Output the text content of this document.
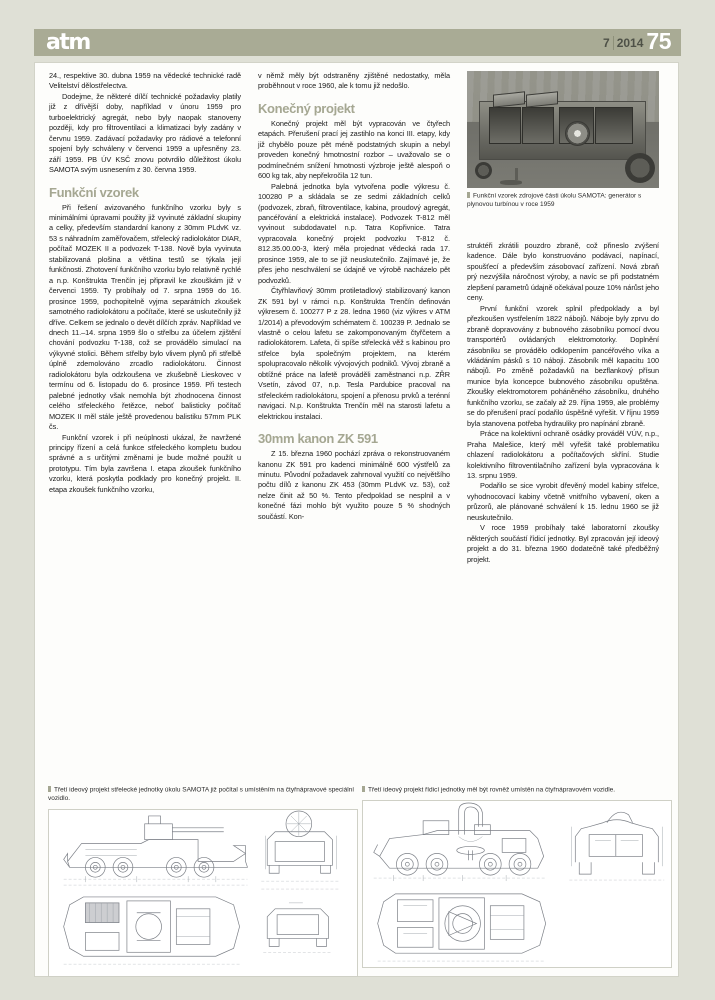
atm	7 2014 75

24., respektive 30. dubna 1959 na vědecké technické radě Velitelství dělostřelectva.

Dodejme, že některé dílčí technické požadavky platily již z dřívější doby, například v únoru 1959 pro turboelektrický agregát, nebo byly naopak stanoveny později, kdy pro filtroventilaci a klimatizaci byly zadány v červnu 1959. Zadávací požadavky pro rádiové a telefonní spojení byly schváleny v červenci 1959 a upřesněny 23. září 1959. PB ÚV KSČ znovu potvrdilo důležitost úkolu SAMOTA svým usnesením z 30. června 1959.

Funkční vzorek

Při řešení avizovaného funkčního vzorku byly s minimálními úpravami použity již vyvinuté základní skupiny a celky, především standardní kanony z 30mm PLdvK vz. 53 s náhradním zaměřovačem, střelecký radiolokátor DIAR, počítač MOZEK II a podvozek T-138. Nově byla vyvinuta stabilizovaná plošina a většina testů se týkala její funkčnosti. Zhotovení funkčního vzorku bylo relativně rychlé a n.p. Konštrukta Trenčín jej připravil ke zkouškám již v červenci 1959. Ty probíhaly od 7. srpna 1959 do 16. prosince 1959, pochopitelně vyjma separátních zkoušek samotného radiolokátoru a počítače, které se uskutečnily již dříve. Celkem se jednalo o devět dílčích zpráv. Například ve dnech 11.–14. srpna 1959 šlo o střelbu za účelem zjištění chování podvozku T-138, což se provádělo simulací na výkyvné stolici. Během střelby bylo vlivem plynů při střelbě úplně zdemolováno zrcadlo radiolokátoru. Činnost radiolokátoru byla odzkoušena ve zkušebně Lieskovec v termínu od 6. listopadu do 6. prosince 1959. Při testech palebné jednotky však nemohla být zhodnocena činnost celého střeleckého řetězce, neboť balisticky počítač MOZEK II měl stále ještě provedenou balistiku 57mm PLK čs.

Funkční vzorek i při neúplnosti ukázal, že navržené principy řízení a celá funkce střeleckého kompletu budou správné a s určitými změnami je bude možné použít u prototypu. Tím byla završena I. etapa zkoušek funkčního vzorku, která poskytla podklady pro konečný projekt. II. etapa zkoušek funkčního vzorku,

v němž měly být odstraněny zjištěné nedostatky, měla proběhnout v roce 1960, ale k tomu již nedošlo.

Konečný projekt

Konečný projekt měl být vypracován ve čtyřech etapách. Přerušení prací jej zastihlo na konci III. etapy, kdy již chybělo pouze pět méně podstatných skupin a nebyl proveden konečný hmotnostní rozbor – uvažovalo se o podmínečném snížení hmotnosti výzbroje ještě alespoň o 600 kg tak, aby nepřekročila 12 tun.

Palebná jednotka byla vytvořena podle výkresu č. 100280 P a skládala se ze sedmi základních celků (podvozek, zbraň, filtroventilace, kabina, proudový agregát, pancéřování a elektrická instalace). Podvozek T-812 měl vyvinout subdodavatel n.p. Tatra Kopřivnice. Tatra vypracovala konečný projekt podvozku T-812 č. 812.35.00.00-3, který měla projednat vědecká rada 17. prosince 1959, ale to se již neuskutečnilo. Zajímavé je, že přes jeho neschválení se údajně ve výrobě nacházelo pět podvozků.

Čtyřhlavňový 30mm protiletadlový stabilizovaný kanon ZK 591 byl v rámci n.p. Konštrukta Trenčín definován výkresem č. 100277 P z 28. ledna 1960 (viz výkres v ATM 1/2014) a převodovým schématem č. 100239 P. Jednalo se vlastně o celou lafetu se zakomponovaným čtyřčetem a radiolokátorem. Lafeta, či spíše střelecká věž s kabinou pro střelce byla společným projektem, na kterém spolupracovalo několik vývojových podniků. Vývoj zbraně a obtížné práce na lafetě prováděli zaměstnanci n.p. ZŘR Vsetín, závod 07, n.p. Tesla Pardubice pracoval na střeleckém radiolokátoru, spojení a přenosu prvků a terénní navigaci. N.p. Konštrukta Trenčín měl na starosti lafetu a elektrickou instalaci.

30mm kanon ZK 591

Z 15. března 1960 pochází zpráva o rekonstruovaném kanonu ZK 591 pro kadenci minimálně 600 výstřelů za minutu. Původní požadavek zahrnoval využití co největšího počtu dílů z kanonu ZK 453 (30mm PLdvK vz. 53), což nelze činit až 50 %. Tento předpoklad se nesplnil a v konečné fázi mohlo být využito pouze 5 % shodných součástí. Kon-

Funkční vzorek zdrojové části úkolu SAMOTA: generátor s plynovou turbínou v roce 1959

struktéři zkrátili pouzdro zbraně, což přineslo zvýšení kadence. Dále bylo konstruováno podávací, napínací, spoušťecí a především zásobovací zařízení. Nová zbraň prý nezvýšila náročnost výroby, a navíc se při podstatném zlepšení parametrů údajně očekával pouze 10% nárůst jeho ceny.

První funkční vzorek splnil předpoklady a byl přezkoušen vystřelením 1822 nábojů. Náboje byly zprvu do zbraně dopravovány z bubnového zásobníku pomocí dvou transportérů ovládaných elektromotorky. Doplnění zásobníku se provádělo odklopením pancéřového víka a vkládáním pásků s 10 náboji. Zásobník měl kapacitu 100 nábojů. Po změně požadavků na bezflankový přísun munice byla koncepce bubnového zásobníku opuštěna. Zkoušky elektromotorem poháněného zásobníku, druhého funkčního vzorku, se začaly až 29. října 1959, ale problémy se do přerušení prací podařilo úspěšně vyřešit. V říjnu 1959 byla stanovena potřeba hydrauliky pro napínání zbraně.

Práce na kolektivní ochraně osádky prováděl VÚV, n.p., Praha Malešice, který měl vyřešit také problematiku chlazení radiolokátoru a počítačových skříní. Studie kolektivního filtroventilačního zařízení byla vypracována k 13. srpnu 1959.

Podařilo se sice vyrobit dřevěný model kabiny střelce, vyhodnocovací kabiny včetně vnitřního vybavení, oken a průzorů, ale plánované schválení k 15. lednu 1960 se již neuskutečnilo.

V roce 1959 probíhaly také laboratorní zkoušky některých součástí řídicí jednotky. Byl zpracován její ideový projekt a do 31. března 1960 dodatečně také předběžný projekt.

Třetí ideový projekt střelecké jednotky úkolu SAMOTA již počítal s umístěním na čtyřnápravové speciální vozidlo.
Třetí ideový projekt řídicí jednotky měl být rovněž umístěn na čtyřnápravovém vozidle.
